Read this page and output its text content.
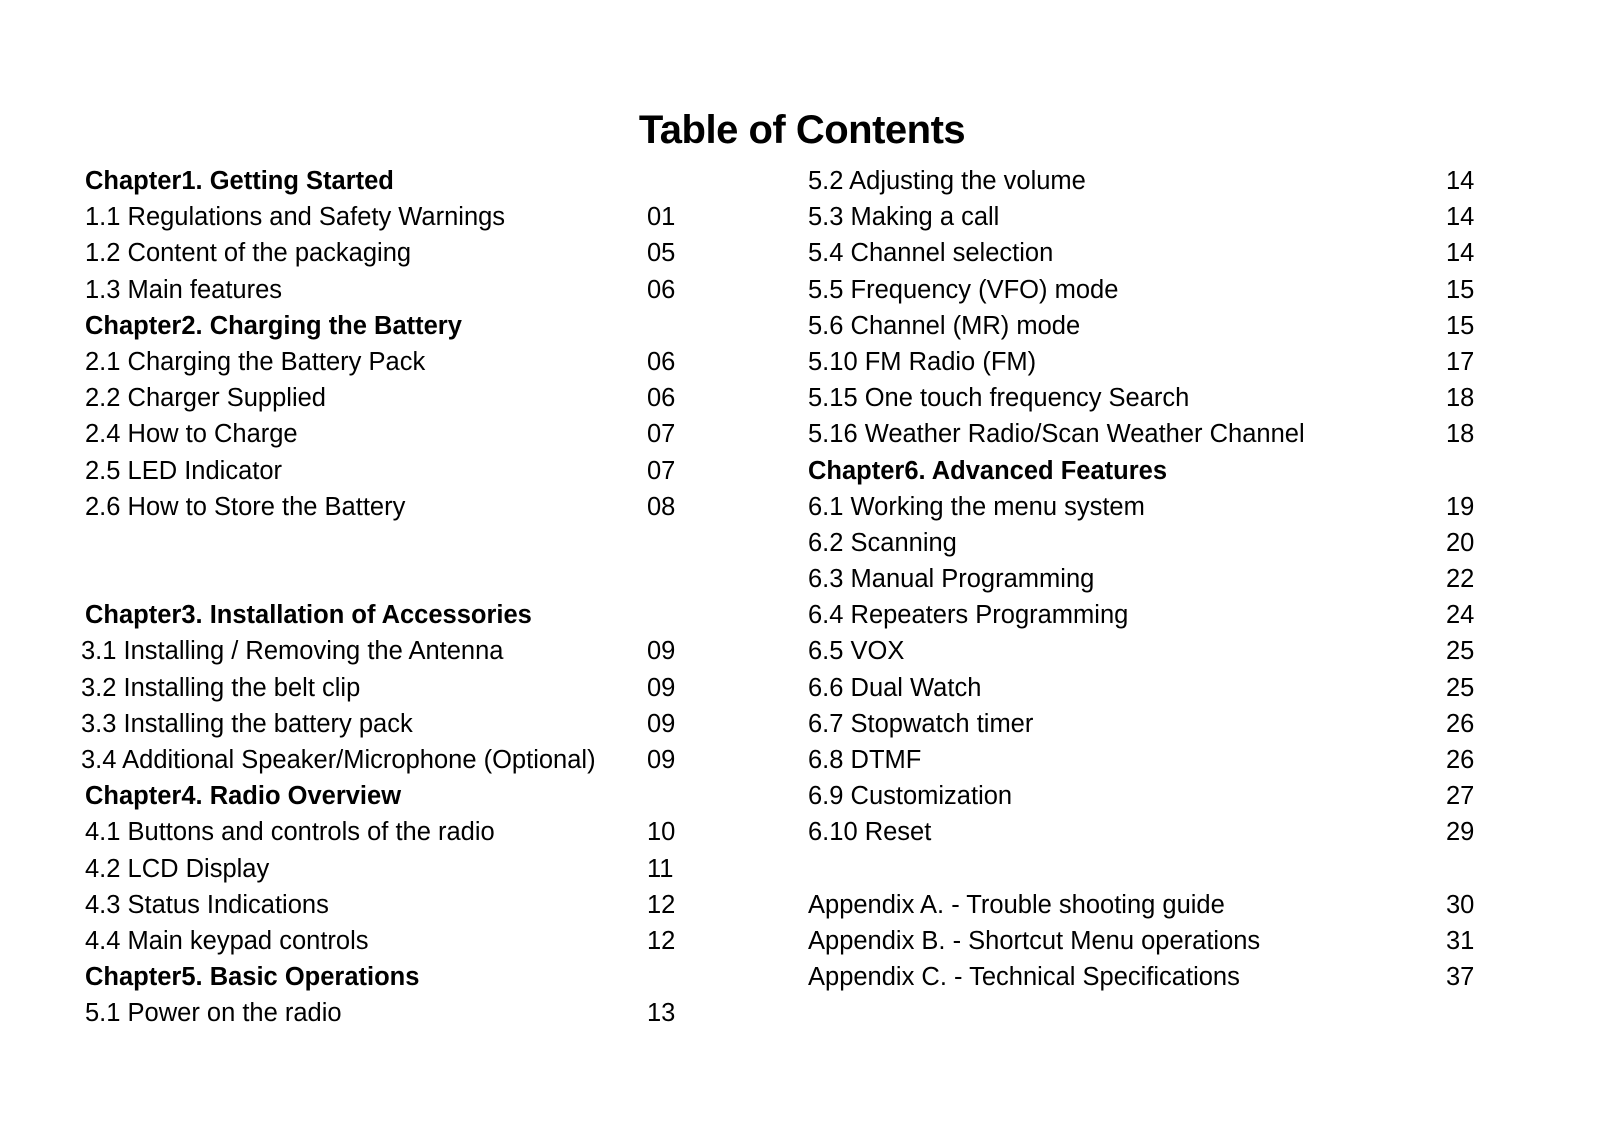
Table of Contents
Chapter1. Getting Started
1.1 Regulations and Safety Warnings	01
1.2 Content of the packaging	05
1.3 Main features	06
Chapter2. Charging the Battery
2.1 Charging the Battery Pack	06
2.2 Charger Supplied	06
2.4 How to Charge	07
2.5 LED Indicator	07
2.6 How to Store the Battery	08
Chapter3. Installation of Accessories
3.1 Installing / Removing the Antenna	09
3.2 Installing the belt clip	09
3.3 Installing the battery pack	09
3.4 Additional Speaker/Microphone (Optional) 09
Chapter4. Radio Overview
4.1 Buttons and controls of the radio	10
4.2 LCD Display	11
4.3 Status Indications	12
4.4 Main keypad controls	12
Chapter5. Basic Operations
5.1 Power on the radio	13
5.2 Adjusting the volume	14
5.3 Making a call	14
5.4 Channel selection	14
5.5 Frequency (VFO) mode	15
5.6 Channel (MR) mode	15
5.10 FM Radio (FM)	17
5.15 One touch frequency Search	18
5.16 Weather Radio/Scan Weather Channel	18
Chapter6. Advanced Features
6.1 Working the menu system	19
6.2 Scanning	20
6.3 Manual Programming	22
6.4 Repeaters Programming	24
6.5 VOX	25
6.6 Dual Watch	25
6.7 Stopwatch timer	26
6.8 DTMF	26
6.9 Customization	27
6.10 Reset	29
Appendix A. - Trouble shooting guide	30
Appendix B. - Shortcut Menu operations	31
Appendix C. - Technical Specifications	37
